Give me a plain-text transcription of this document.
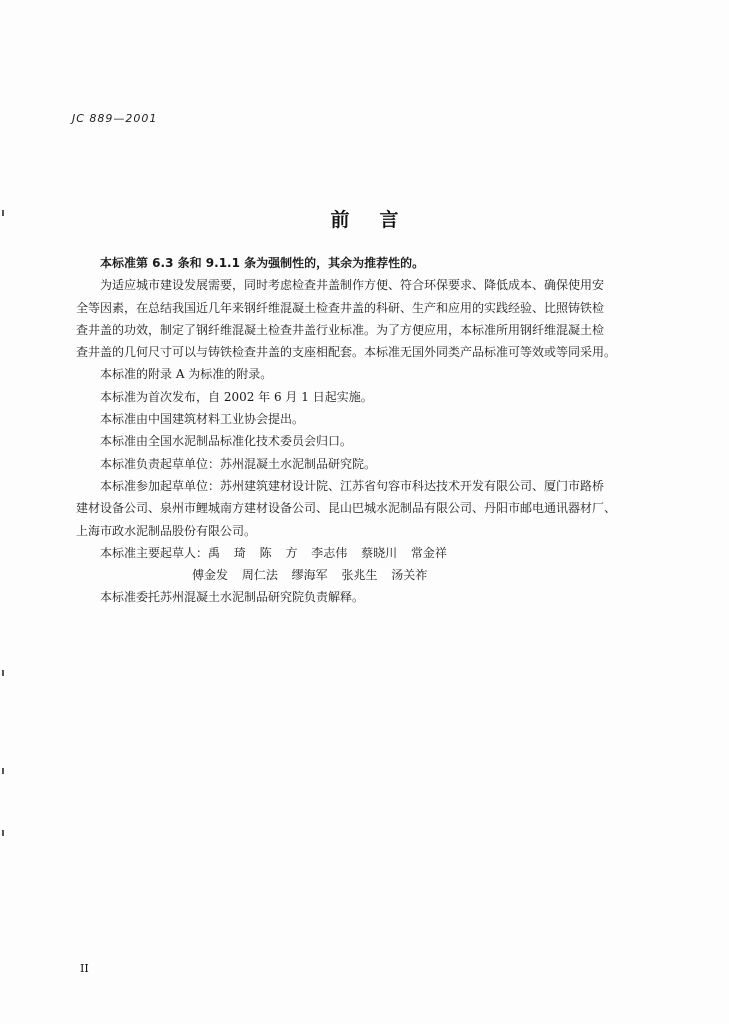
JC 889—2001
前言

本标准第 6.3 条和 9.1.1 条为强制性的，其余为推荐性的。

为适应城市建设发展需要，同时考虑检查井盖制作方便、符合环保要求、降低成本、确保使用安

全等因素，在总结我国近几年来钢纤维混凝土检查井盖的科研、生产和应用的实践经验、比照铸铁检

查井盖的功效，制定了钢纤维混凝土检查井盖行业标准。为了方便应用，本标准所用钢纤维混凝土检

查井盖的几何尺寸可以与铸铁检查井盖的支座相配套。本标准无国外同类产品标准可等效或等同采用。

本标准的附录 A 为标准的附录。

本标准为首次发布，自 2002 年 6 月 1 日起实施。

本标准由中国建筑材料工业协会提出。

本标准由全国水泥制品标准化技术委员会归口。

本标准负责起草单位：苏州混凝土水泥制品研究院。

本标准参加起草单位：苏州建筑建材设计院、江苏省句容市科达技术开发有限公司、厦门市路桥

建材设备公司、泉州市鲤城南方建材设备公司、昆山巴城水泥制品有限公司、丹阳市邮电通讯器材厂、

上海市政水泥制品股份有限公司。

本标准主要起草人：禹 琦 陈 方 李志伟 蔡晓川 常金祥

傅金发 周仁法 缪海军 张兆生 汤关祚

本标准委托苏州混凝土水泥制品研究院负责解释。

II
